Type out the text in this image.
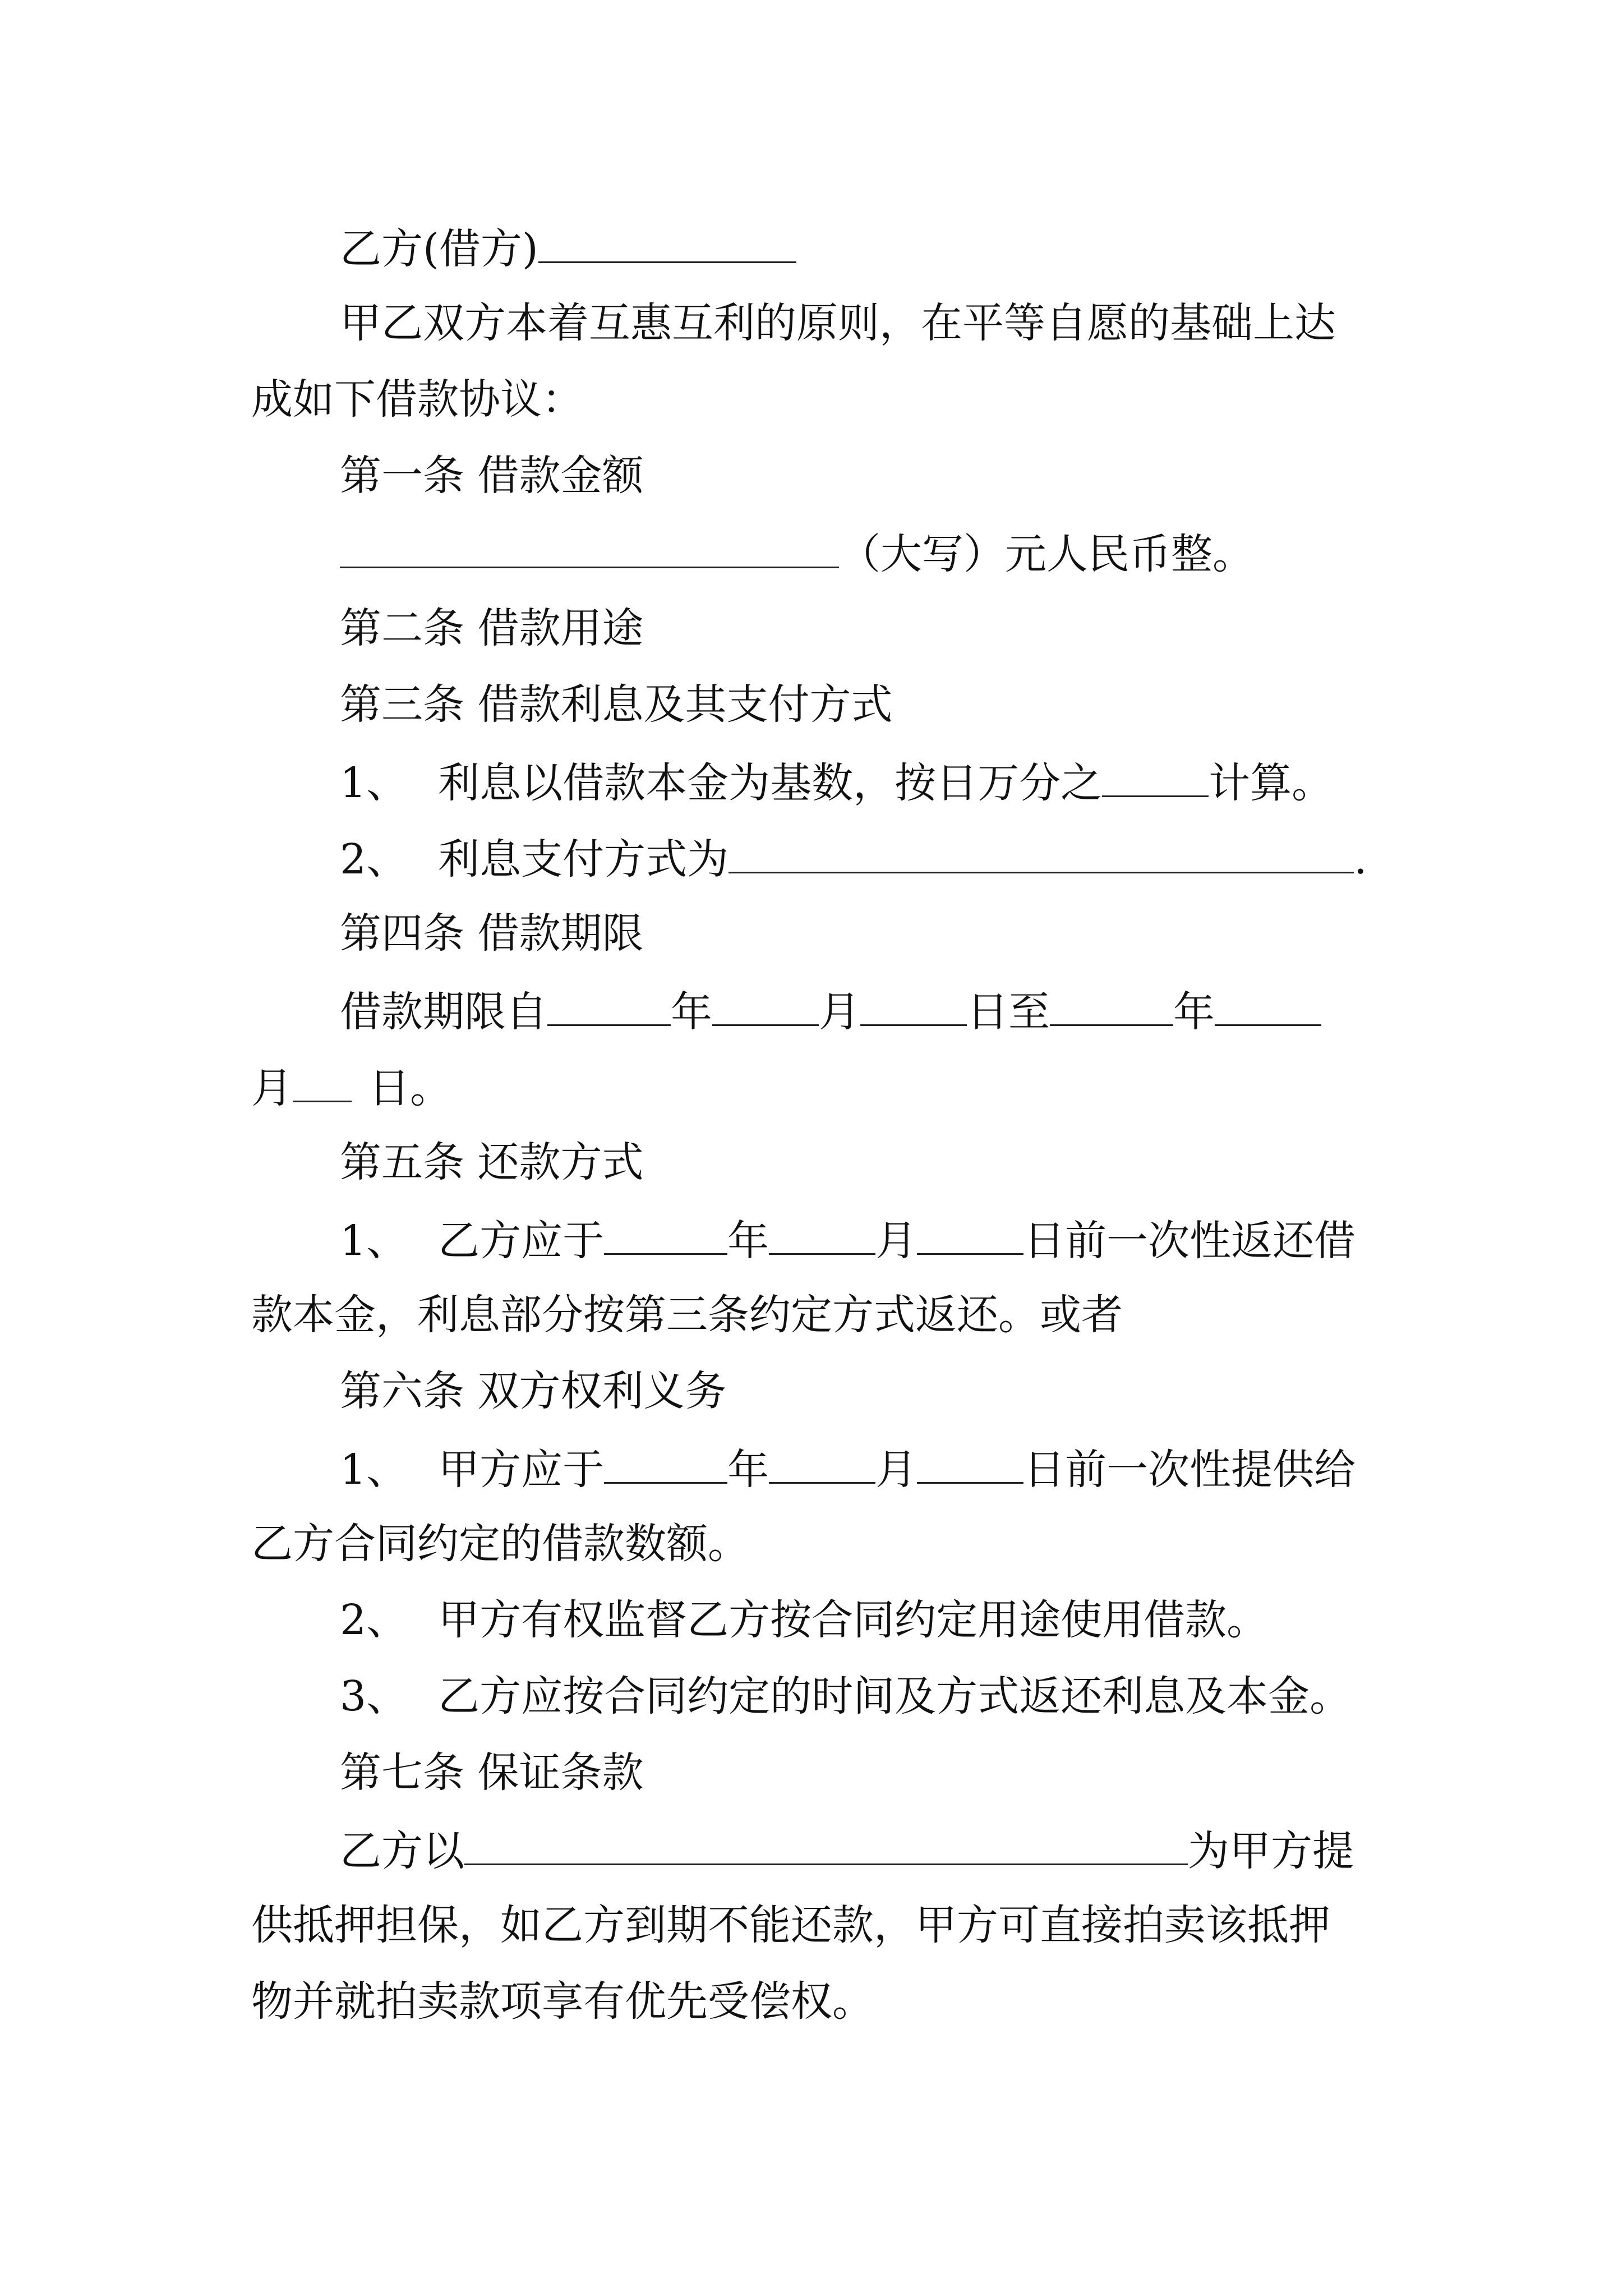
乙方(借方)
甲乙双方本着互惠互利的原则，在平等自愿的基础上达
成如下借款协议：
第一条 借款金额
（大写）元人民币整。
第二条 借款用途
第三条 借款利息及其支付方式
1、 利息以借款本金为基数，按日万分之	计算。
2、 利息支付方式为	.
第四条 借款期限
借款期限自	年	月	日至	年
月 日。
第五条 还款方式
1、 乙方应于	年	月	日前一次性返还借
款本金，利息部分按第三条约定方式返还。或者
第六条 双方权利义务
1、 甲方应于	年	月	日前一次性提供给
乙方合同约定的借款数额。
2、 甲方有权监督乙方按合同约定用途使用借款。
3、 乙方应按合同约定的时间及方式返还利息及本金。
第七条 保证条款
乙方以	为甲方提
供抵押担保，如乙方到期不能还款，甲方可直接拍卖该抵押
物并就拍卖款项享有优先受偿权。
